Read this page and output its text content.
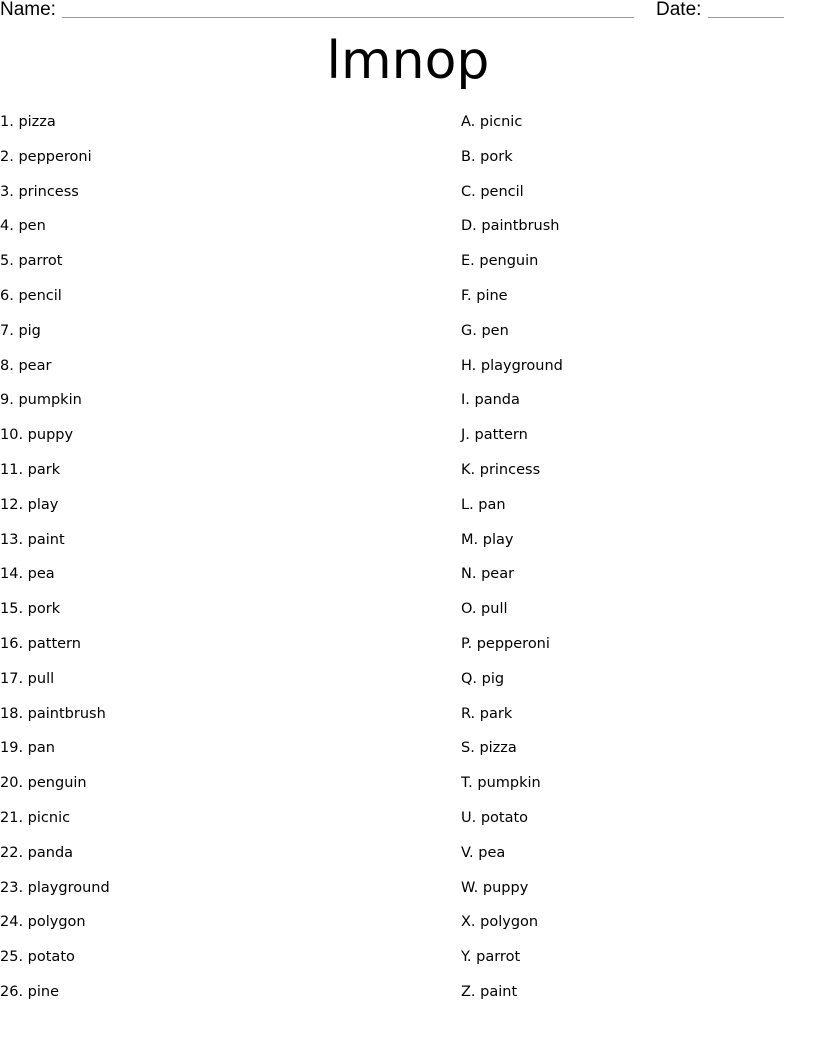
Name:	Date:
lmnop
1. pizza
2. pepperoni
3. princess
4. pen
5. parrot
6. pencil
7. pig
8. pear
9. pumpkin
10. puppy
11. park
12. play
13. paint
14. pea
15. pork
16. pattern
17. pull
18. paintbrush
19. pan
20. penguin
21. picnic
22. panda
23. playground
24. polygon
25. potato
26. pine
A. picnic
B. pork
C. pencil
D. paintbrush
E. penguin
F. pine
G. pen
H. playground
I. panda
J. pattern
K. princess
L. pan
M. play
N. pear
O. pull
P. pepperoni
Q. pig
R. park
S. pizza
T. pumpkin
U. potato
V. pea
W. puppy
X. polygon
Y. parrot
Z. paint
